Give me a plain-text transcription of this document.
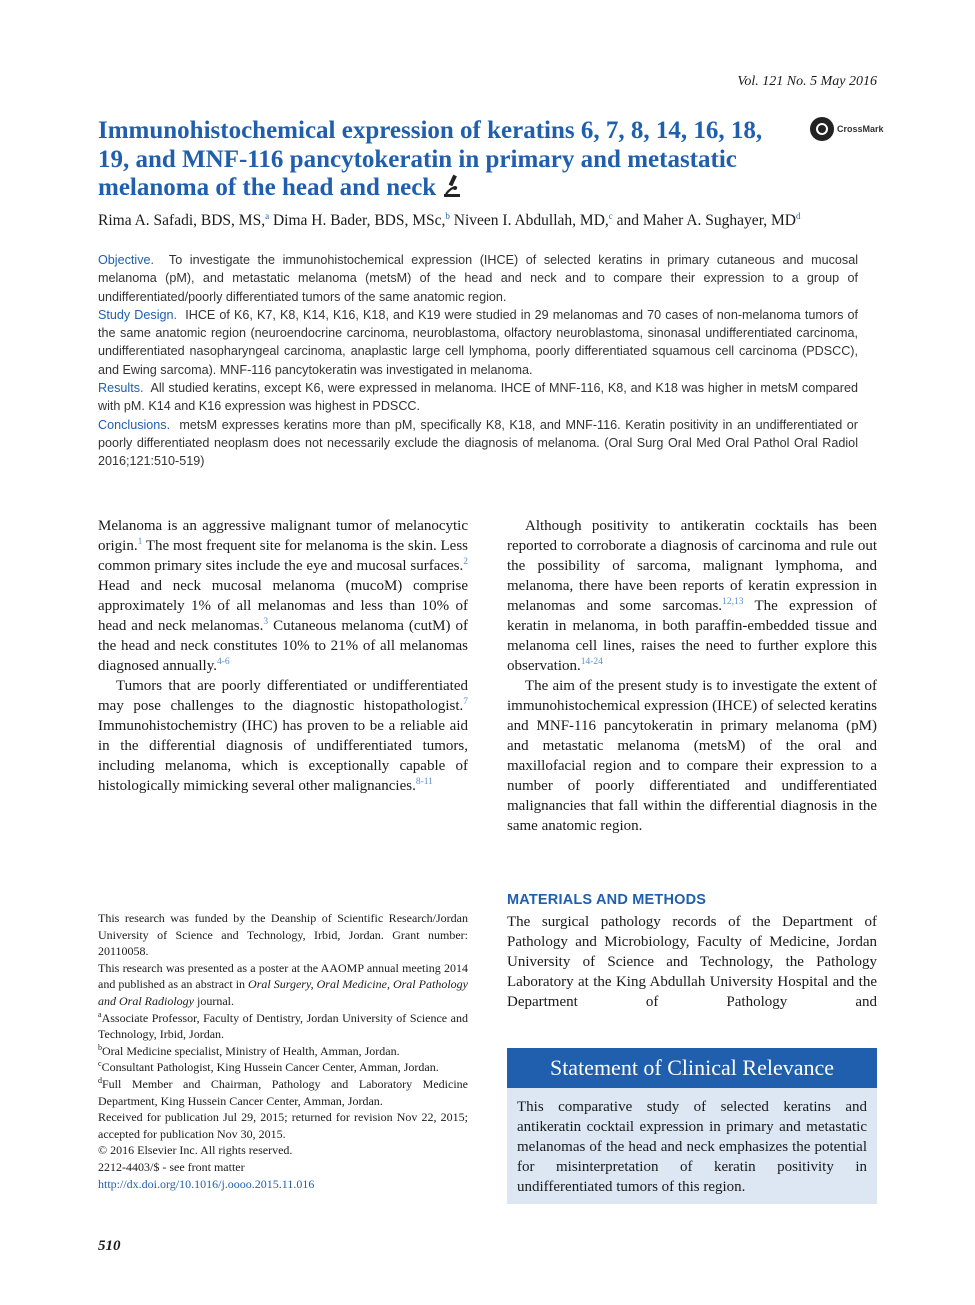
Vol. 121 No. 5 May 2016
Immunohistochemical expression of keratins 6, 7, 8, 14, 16, 18, 19, and MNF-116 pancytokeratin in primary and metastatic melanoma of the head and neck
CrossMark
Rima A. Safadi, BDS, MS,$^a$ Dima H. Bader, BDS, MSc,$^b$ Niveen I. Abdullah, MD,$^c$ and Maher A. Sughayer, $MD^d$

Objective. To investigate the immunohistochemical expression (IHCE) of selected keratins in primary cutaneous and mucosal melanoma (pM), and metastatic melanoma (metsM) of the head and neck and to compare their expression to a group of undifferentiated/poorly differentiated tumors of the same anatomic region.

Study Design. IHCE of K6, K7, K8, K14, K16, K18, and K19 were studied in 29 melanomas and 70 cases of non-melanoma tumors of the same anatomic region (neuroendocrine carcinoma, neuroblastoma, olfactory neuroblastoma, sinonasal undifferentiated carcinoma, undifferentiated nasopharyngeal carcinoma, anaplastic large cell lymphoma, poorly differentiated squamous cell carcinoma (PDSCC), and Ewing sarcoma). MNF-116 pancytokeratin was investigated in melanoma.

Results. All studied keratins, except K6, were expressed in melanoma. IHCE of MNF-116, K8, and K18 was higher in metsM compared with pM. K14 and K16 expression was highest in PDSCC.

Conclusions. metsM expresses keratins more than pM, specifically K8, K18, and MNF-116. Keratin positivity in an undifferentiated or poorly differentiated neoplasm does not necessarily exclude the diagnosis of melanoma. (Oral Surg Oral Med Oral Pathol Oral Radiol 2016;121:510-519)

Melanoma is an aggressive malignant tumor of melanocytic origin.$^1$ The most frequent site for melanoma is the skin. Less common primary sites include the eye and mucosal surfaces.$^2$ Head and neck mucosal melanoma (mucoM) comprise approximately 1% of all melanomas and less than 10% of head and neck melanomas.$^3$ Cutaneous melanoma (cutM) of the head and neck constitutes 10% to 21% of all melanomas diagnosed annually.$^{4-6}$

Tumors that are poorly differentiated or undifferentiated may pose challenges to the diagnostic histopathologist.$^7$ Immunohistochemistry (IHC) has proven to be a reliable aid in the differential diagnosis of undifferentiated tumors, including melanoma, which is exceptionally capable of histologically mimicking several other malignancies.$^{8-11}$

Although positivity to antikeratin cocktails has been reported to corroborate a diagnosis of carcinoma and rule out the possibility of sarcoma, malignant lymphoma, and melanoma, there have been reports of keratin expression in melanomas and some sarcomas.$^{12,13}$ The expression of keratin in melanoma, in both paraffin-embedded tissue and melanoma cell lines, raises the need to further explore this observation.$^{14-24}$

The aim of the present study is to investigate the extent of immunohistochemical expression (IHCE) of selected keratins and MNF-116 pancytokeratin in primary melanoma (pM) and metastatic melanoma (metsM) of the oral and maxillofacial region and to compare their expression to a number of poorly differentiated and undifferentiated malignancies that fall within the differential diagnosis in the same anatomic region.

MATERIALS AND METHODS
The surgical pathology records of the Department of Pathology and Microbiology, Faculty of Medicine, Jordan University of Science and Technology, the Pathology Laboratory at the King Abdullah University Hospital and the Department of Pathology and

This research was funded by the Deanship of Scientific Research/Jordan University of Science and Technology, Irbid, Jordan. Grant number: 20110058.

This research was presented as a poster at the AAOMP annual meeting 2014 and published as an abstract in Oral Surgery, Oral Medicine, Oral Pathology and Oral Radiology journal.

$^a$Associate Professor, Faculty of Dentistry, Jordan University of Science and Technology, Irbid, Jordan.

$^b$Oral Medicine specialist, Ministry of Health, Amman, Jordan.

$^c$Consultant Pathologist, King Hussein Cancer Center, Amman, Jordan.

$^d$Full Member and Chairman, Pathology and Laboratory Medicine Department, King Hussein Cancer Center, Amman, Jordan.

Received for publication Jul 29, 2015; returned for revision Nov 22, 2015; accepted for publication Nov 30, 2015.

© 2016 Elsevier Inc. All rights reserved.

2212-4403/$ - see front matter

http://dx.doi.org/10.1016/j.oooo.2015.11.016

Statement of Clinical Relevance
This comparative study of selected keratins and antikeratin cocktail expression in primary and metastatic melanomas of the head and neck emphasizes the potential for misinterpretation of keratin positivity in undifferentiated tumors of this region.
510
